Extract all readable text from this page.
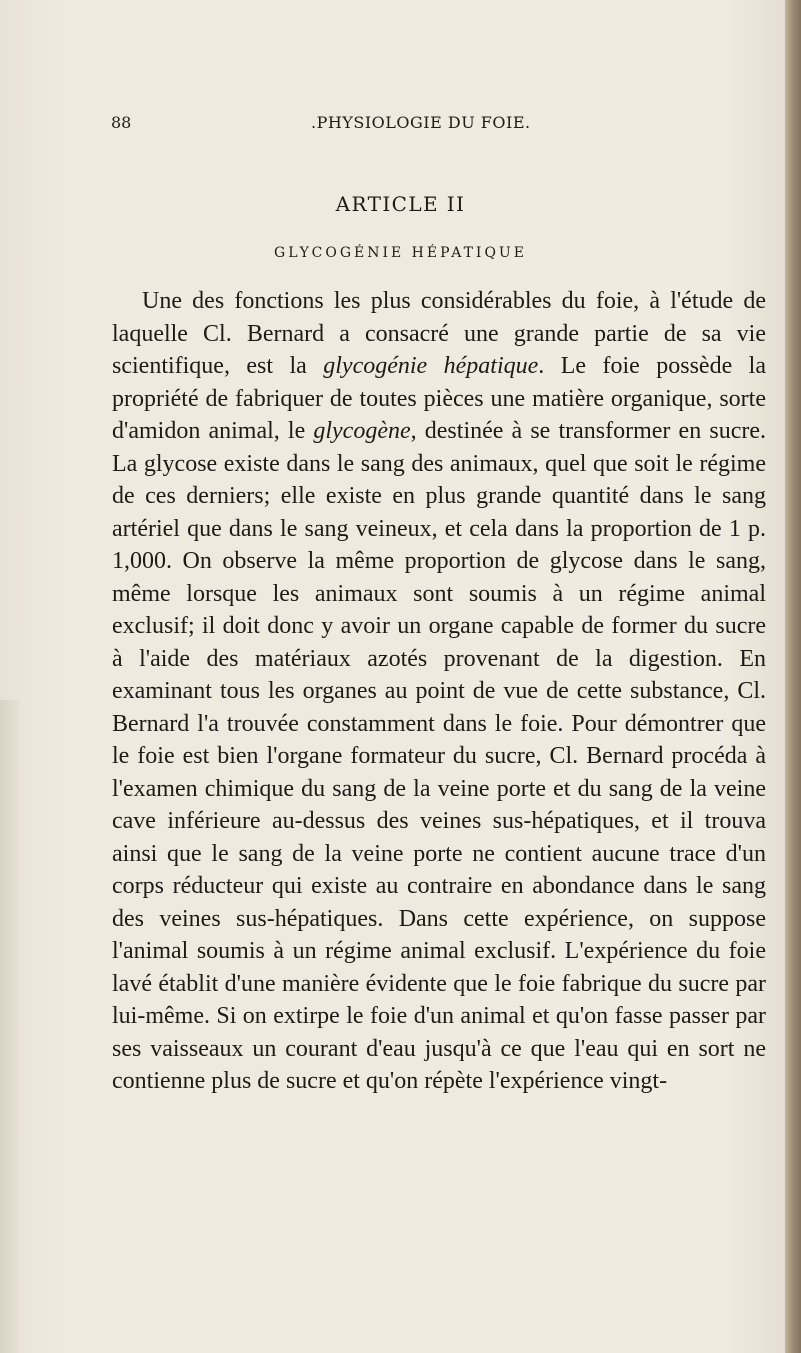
88	.PHYSIOLOGIE DU FOIE.
ARTICLE II
GLYCOGÉNIE HÉPATIQUE

Une des fonctions les plus considérables du foie, à l'étude de laquelle Cl. Bernard a consacré une grande partie de sa vie scientifique, est la glycogénie hépatique. Le foie possède la propriété de fabriquer de toutes pièces une matière organique, sorte d'amidon animal, le glycogène, destinée à se transformer en sucre. La glycose existe dans le sang des animaux, quel que soit le régime de ces derniers; elle existe en plus grande quantité dans le sang artériel que dans le sang veineux, et cela dans la proportion de 1 p. 1,000. On observe la même proportion de glycose dans le sang, même lorsque les animaux sont soumis à un régime animal exclusif; il doit donc y avoir un organe capable de former du sucre à l'aide des matériaux azotés provenant de la digestion. En examinant tous les organes au point de vue de cette substance, Cl. Bernard l'a trouvée constamment dans le foie. Pour démontrer que le foie est bien l'organe formateur du sucre, Cl. Bernard procéda à l'examen chimique du sang de la veine porte et du sang de la veine cave inférieure au-dessus des veines sus-hépatiques, et il trouva ainsi que le sang de la veine porte ne contient aucune trace d'un corps réducteur qui existe au contraire en abondance dans le sang des veines sus-hépatiques. Dans cette expérience, on suppose l'animal soumis à un régime animal exclusif. L'expérience du foie lavé établit d'une manière évidente que le foie fabrique du sucre par lui-même. Si on extirpe le foie d'un animal et qu'on fasse passer par ses vaisseaux un courant d'eau jusqu'à ce que l'eau qui en sort ne contienne plus de sucre et qu'on répète l'expérience vingt-
